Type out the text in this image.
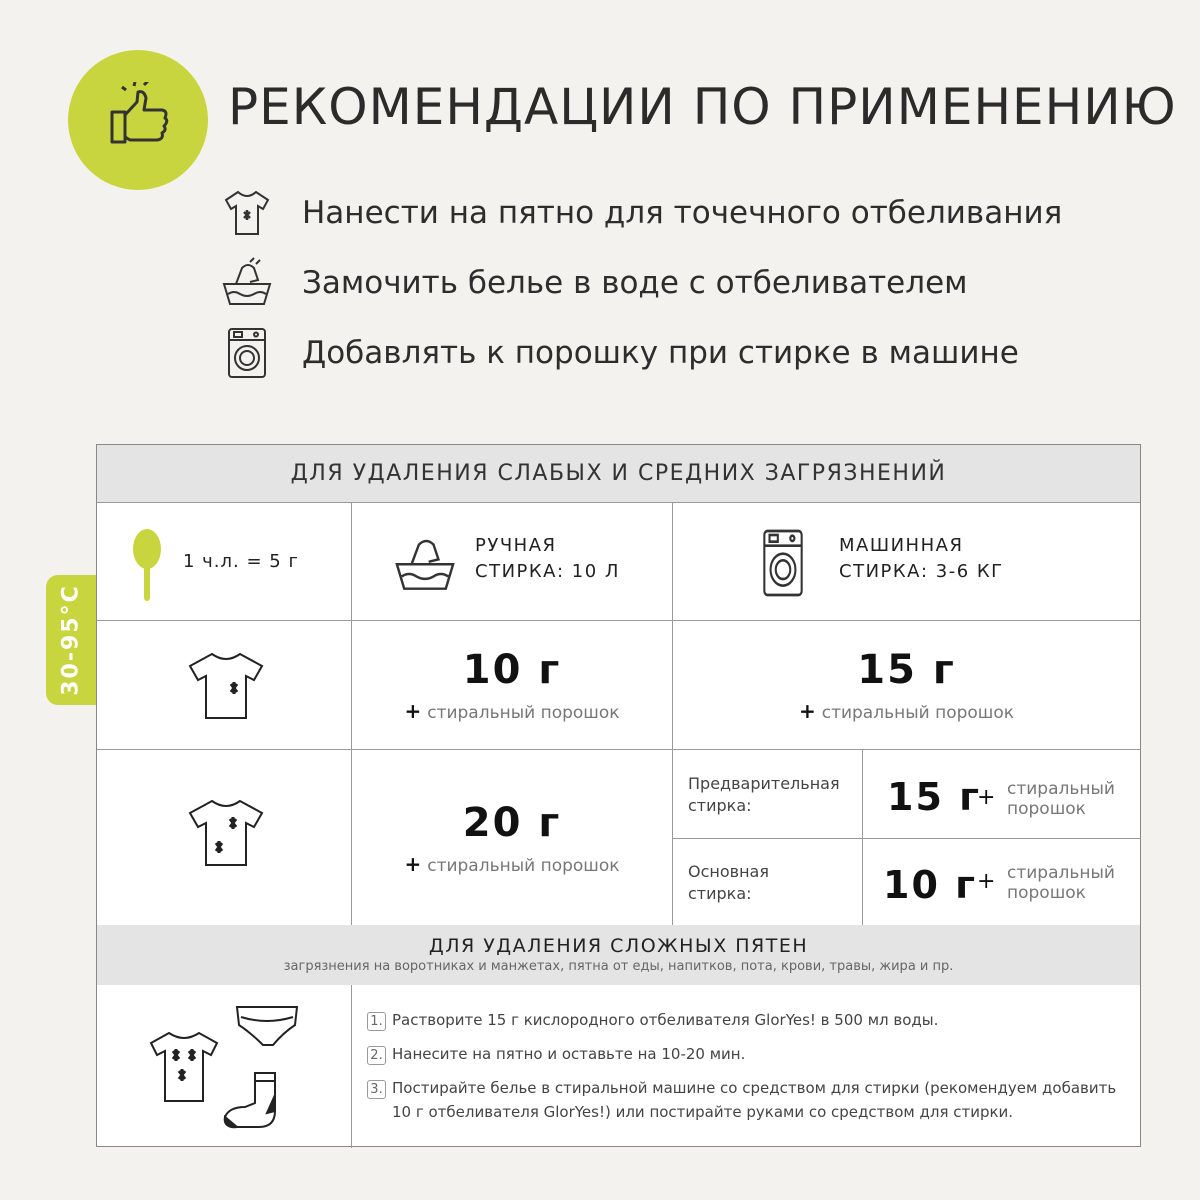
РЕКОМЕНДАЦИИ ПО ПРИМЕНЕНИЮ
Нанести на пятно для точечного отбеливания
Замочить белье в воде с отбеливателем
Добавлять к порошку при стирке в машине
30-95°C
ДЛЯ УДАЛЕНИЯ СЛАБЫХ И СРЕДНИХ ЗАГРЯЗНЕНИЙ
1 ч.л. = 5 г
РУЧНАЯ
СТИРКА: 10 Л
МАШИННАЯ
СТИРКА: 3-6 КГ
10 г
+ стиральный порошок
15 г
+ стиральный порошок
20 г
+ стиральный порошок
Предварительная стирка:	15 г
+ стиральный
порошок
Основная стирка:	10 г + стиральный
порошок
ДЛЯ УДАЛЕНИЯ СЛОЖНЫХ ПЯТЕН
загрязнения на воротниках и манжетах, пятна от еды, напитков, пота, крови, травы, жира и пр.
1. Растворите 15 г кислородного отбеливателя GlorYes! в 500 мл воды.
2. Нанесите на пятно и оставьте на 10-20 мин.
3. Постирайте белье в стиральной машине со средством для стирки (рекомендуем добавить 10 г отбеливателя GlorYes!) или постирайте руками со средством для стирки.
